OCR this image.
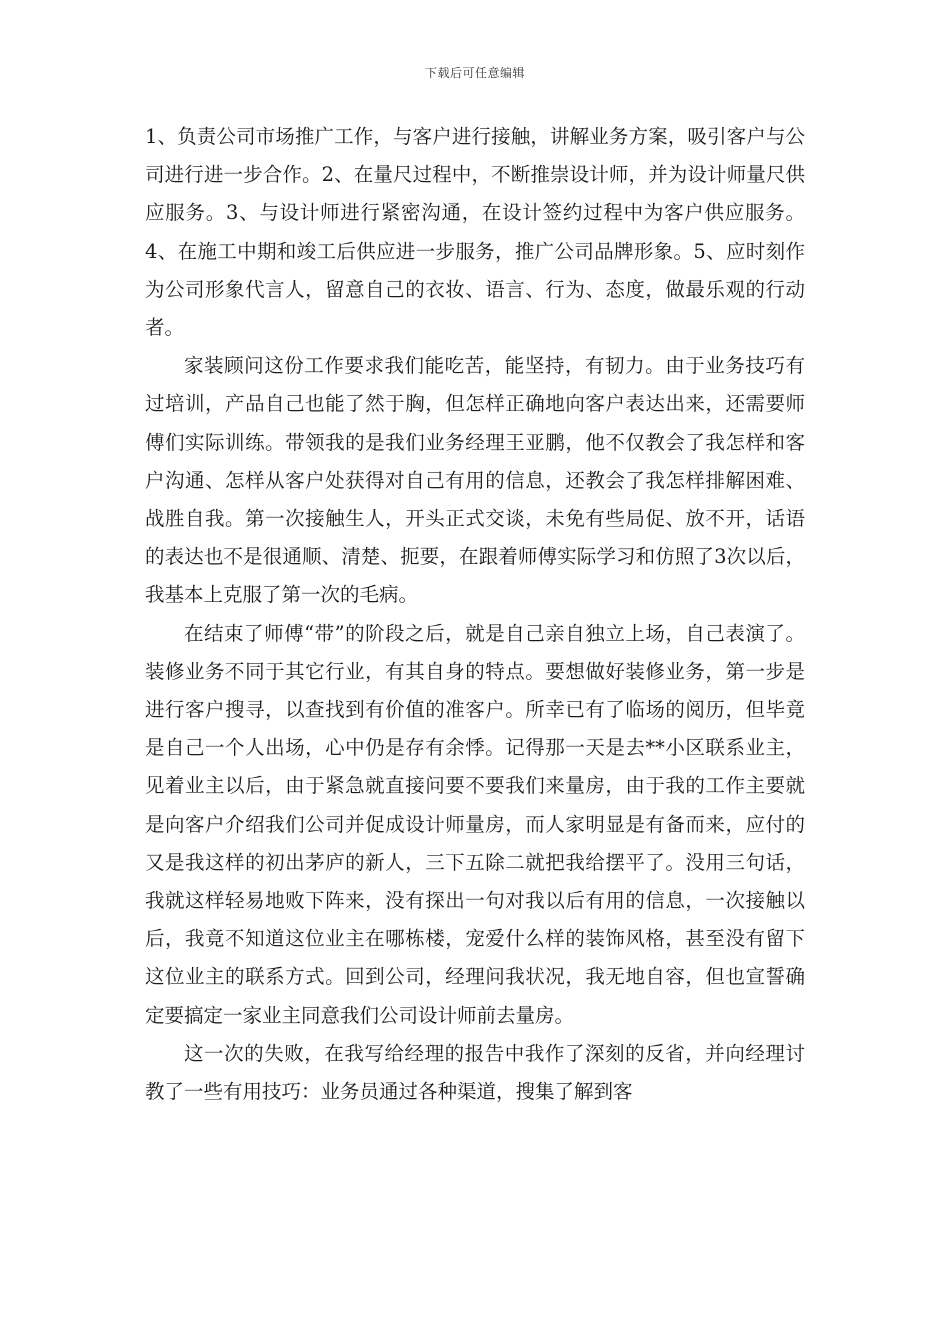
下载后可任意编辑

1、负责公司市场推广工作，与客户进行接触，讲解业务方案，吸引客户与公司进行进一步合作。2、在量尺过程中，不断推崇设计师，并为设计师量尺供应服务。3、与设计师进行紧密沟通，在设计签约过程中为客户供应服务。4、在施工中期和竣工后供应进一步服务，推广公司品牌形象。5、应时刻作为公司形象代言人，留意自己的衣妆、语言、行为、态度，做最乐观的行动者。

家装顾问这份工作要求我们能吃苦，能坚持，有韧力。由于业务技巧有过培训，产品自己也能了然于胸，但怎样正确地向客户表达出来，还需要师傅们实际训练。带领我的是我们业务经理王亚鹏，他不仅教会了我怎样和客户沟通、怎样从客户处获得对自己有用的信息，还教会了我怎样排解困难、战胜自我。第一次接触生人，开头正式交谈，未免有些局促、放不开，话语的表达也不是很通顺、清楚、扼要，在跟着师傅实际学习和仿照了3次以后，我基本上克服了第一次的毛病。

在结束了师傅“带”的阶段之后，就是自己亲自独立上场，自己表演了。装修业务不同于其它行业，有其自身的特点。要想做好装修业务，第一步是进行客户搜寻，以查找到有价值的准客户。所幸已有了临场的阅历，但毕竟是自己一个人出场，心中仍是存有余悸。记得那一天是去**小区联系业主，见着业主以后，由于紧急就直接问要不要我们来量房，由于我的工作主要就是向客户介绍我们公司并促成设计师量房，而人家明显是有备而来，应付的又是我这样的初出茅庐的新人，三下五除二就把我给摆平了。没用三句话，我就这样轻易地败下阵来，没有探出一句对我以后有用的信息，一次接触以后，我竟不知道这位业主在哪栋楼，宠爱什么样的装饰风格，甚至没有留下这位业主的联系方式。回到公司，经理问我状况，我无地自容，但也宣誓确定要搞定一家业主同意我们公司设计师前去量房。

这一次的失败，在我写给经理的报告中我作了深刻的反省，并向经理讨教了一些有用技巧：业务员通过各种渠道，搜集了解到客
